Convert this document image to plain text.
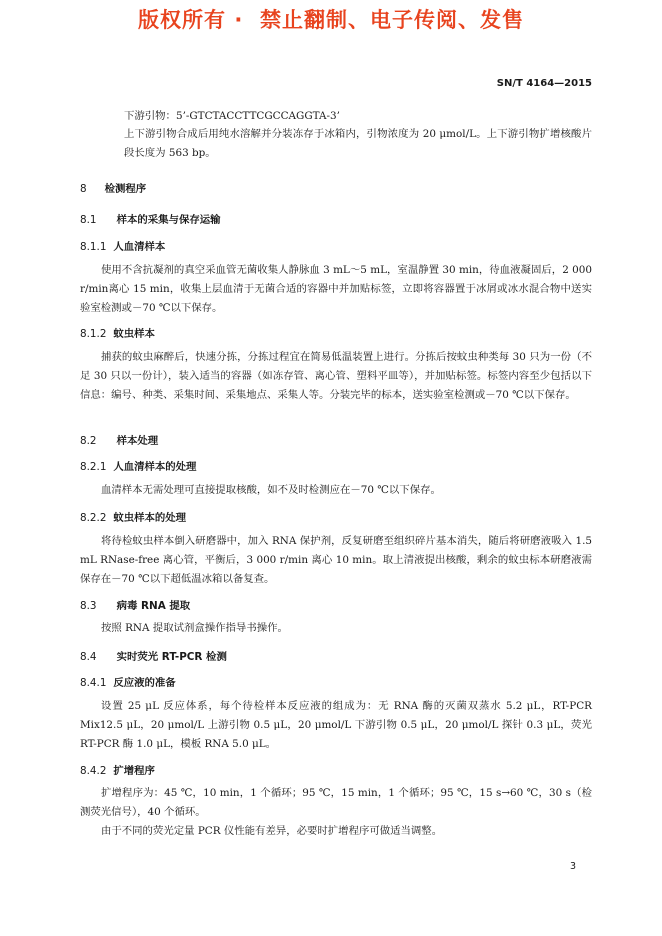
版权所有 ·  禁止翻制、电子传阅、发售
SN/T 4164—2015

下游引物：5’-GTCTACCTTCGCCAGGTA-3’

上下游引物合成后用纯水溶解并分装冻存于冰箱内，引物浓度为 20 μmol/L。上下游引物扩增核酸片段长度为 563 bp。

8 检测程序
8.1 样本的采集与保存运输
8.1.1 人血清样本

使用不含抗凝剂的真空采血管无菌收集人静脉血 3 mL～5 mL，室温静置 30 min，待血液凝固后，2 000 r/min离心 15 min，收集上层血清于无菌合适的容器中并加贴标签，立即将容器置于冰屑或冰水混合物中送实验室检测或－70 ℃以下保存。

8.1.2 蚊虫样本

捕获的蚊虫麻醉后，快速分拣，分拣过程宜在简易低温装置上进行。分拣后按蚊虫种类每 30 只为一份（不足 30 只以一份计），装入适当的容器（如冻存管、离心管、塑料平皿等），并加贴标签。标签内容至少包括以下信息：编号、种类、采集时间、采集地点、采集人等。分装完毕的标本，送实验室检测或－70 ℃以下保存。

8.2 样本处理
8.2.1 人血清样本的处理

血清样本无需处理可直接提取核酸，如不及时检测应在－70 ℃以下保存。

8.2.2 蚊虫样本的处理

将待检蚊虫样本倒入研磨器中，加入 RNA 保护剂，反复研磨至组织碎片基本消失，随后将研磨液吸入 1.5 mL RNase-free 离心管，平衡后，3 000 r/min 离心 10 min。取上清液提出核酸，剩余的蚊虫标本研磨液需保存在－70 ℃以下超低温冰箱以备复查。

8.3 病毒 RNA 提取

按照 RNA 提取试剂盒操作指导书操作。

8.4 实时荧光 RT-PCR 检测
8.4.1 反应液的准备

设置 25 μL 反应体系，每个待检样本反应液的组成为：无 RNA 酶的灭菌双蒸水 5.2 μL，RT-PCR Mix12.5 μL，20 μmol/L 上游引物 0.5 μL，20 μmol/L 下游引物 0.5 μL，20 μmol/L 探针 0.3 μL，荧光 RT-PCR 酶 1.0 μL，模板 RNA 5.0 μL。

8.4.2 扩增程序

扩增程序为：45 ℃，10 min，1 个循环；95 ℃，15 min，1 个循环；95 ℃，15 s→60 ℃，30 s（检测荧光信号），40 个循环。

由于不同的荧光定量 PCR 仪性能有差异，必要时扩增程序可做适当调整。

3
